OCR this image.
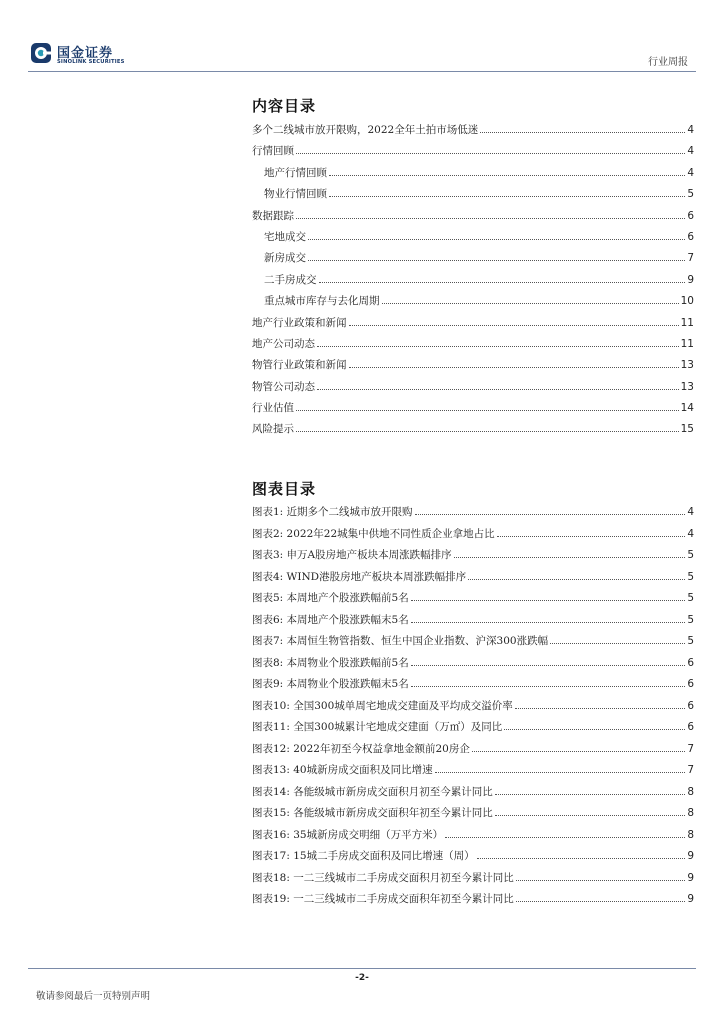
国金证券
SINOLINK SECURITIES	行业周报
内容目录
多个二线城市放开限购，2022全年土拍市场低迷	4
行情回顾	4
地产行情回顾	4
物业行情回顾	5
数据跟踪	6
宅地成交	6
新房成交	7
二手房成交	9
重点城市库存与去化周期	10
地产行业政策和新闻	11
地产公司动态	11
物管行业政策和新闻	13
物管公司动态	13
行业估值	14
风险提示	15
图表目录
图表1: 近期多个二线城市放开限购	4
图表2: 2022年22城集中供地不同性质企业拿地占比	4
图表3: 申万A股房地产板块本周涨跌幅排序	5
图表4: WIND港股房地产板块本周涨跌幅排序	5
图表5: 本周地产个股涨跌幅前5名	5
图表6: 本周地产个股涨跌幅末5名	5
图表7: 本周恒生物管指数、恒生中国企业指数、沪深300涨跌幅	5
图表8: 本周物业个股涨跌幅前5名	6
图表9: 本周物业个股涨跌幅末5名	6
图表10: 全国300城单周宅地成交建面及平均成交溢价率	6
图表11: 全国300城累计宅地成交建面（万㎡）及同比	6
图表12: 2022年初至今权益拿地金额前20房企	7
图表13: 40城新房成交面积及同比增速	7
图表14: 各能级城市新房成交面积月初至今累计同比	8
图表15: 各能级城市新房成交面积年初至今累计同比	8
图表16: 35城新房成交明细（万平方米）	8
图表17: 15城二手房成交面积及同比增速（周）	9
图表18: 一二三线城市二手房成交面积月初至今累计同比	9
图表19: 一二三线城市二手房成交面积年初至今累计同比	9
-2-
敬请参阅最后一页特别声明
